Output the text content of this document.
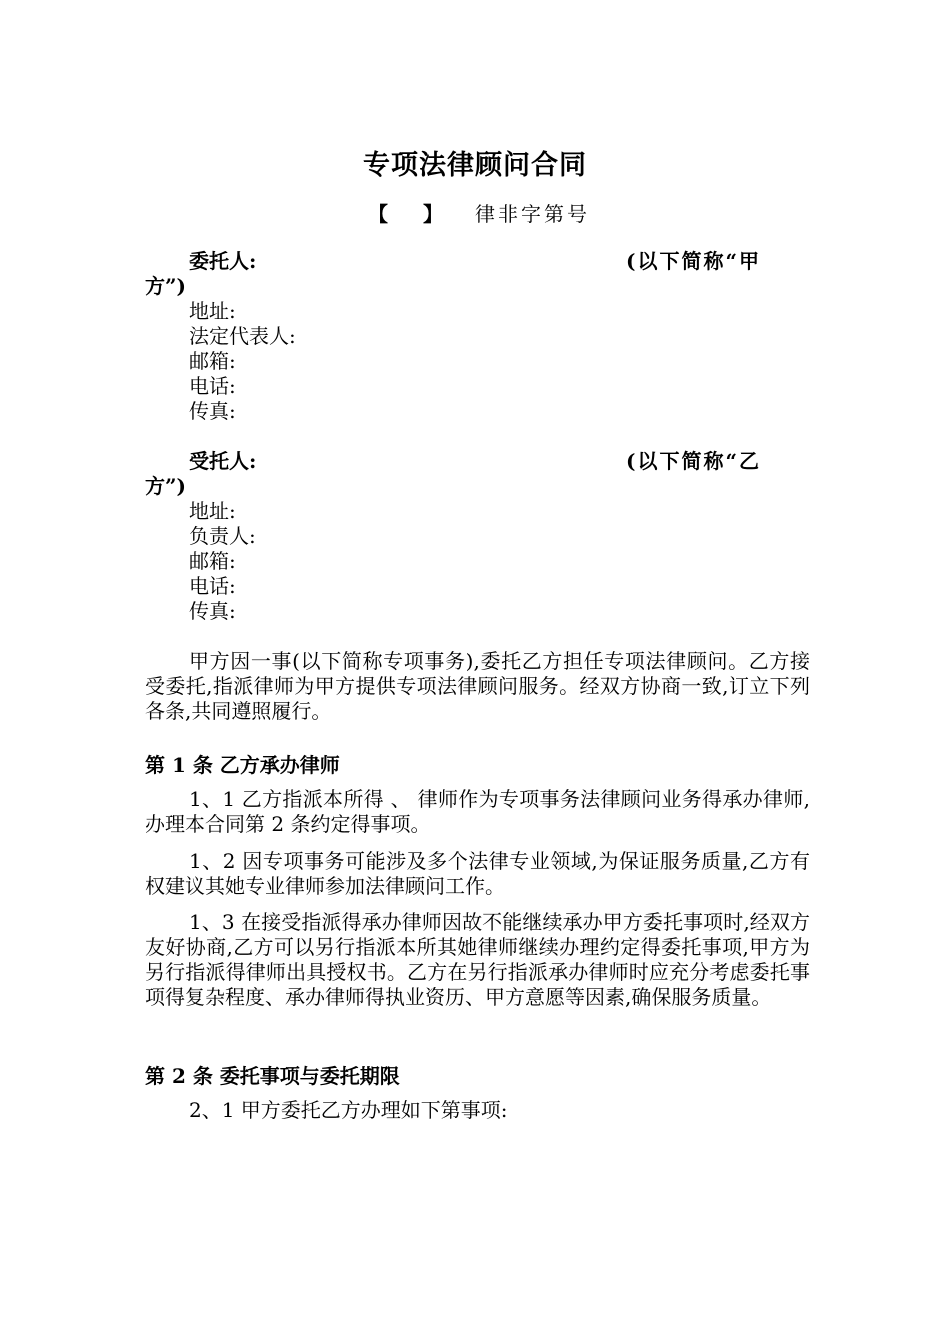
专项法律顾问合同
【 】 律非字第号
委托人:	(以下简称“甲
方”)
地址:
法定代表人:
邮箱:
电话:
传真:
受托人:	(以下简称“乙
方”)
地址:
负责人:
邮箱:
电话:
传真:
甲方因一事(以下简称专项事务),委托乙方担任专项法律顾问。乙方接受委托,指派律师为甲方提供专项法律顾问服务。经双方协商一致,订立下列各条,共同遵照履行。
第 1 条 乙方承办律师
1、1 乙方指派本所得 、 律师作为专项事务法律顾问业务得承办律师,办理本合同第 2 条约定得事项。
1、2 因专项事务可能涉及多个法律专业领域,为保证服务质量,乙方有权建议其她专业律师参加法律顾问工作。
1、3 在接受指派得承办律师因故不能继续承办甲方委托事项时,经双方友好协商,乙方可以另行指派本所其她律师继续办理约定得委托事项,甲方为另行指派得律师出具授权书。乙方在另行指派承办律师时应充分考虑委托事项得复杂程度、承办律师得执业资历、甲方意愿等因素,确保服务质量。
第 2 条 委托事项与委托期限
2、1 甲方委托乙方办理如下第事项:
